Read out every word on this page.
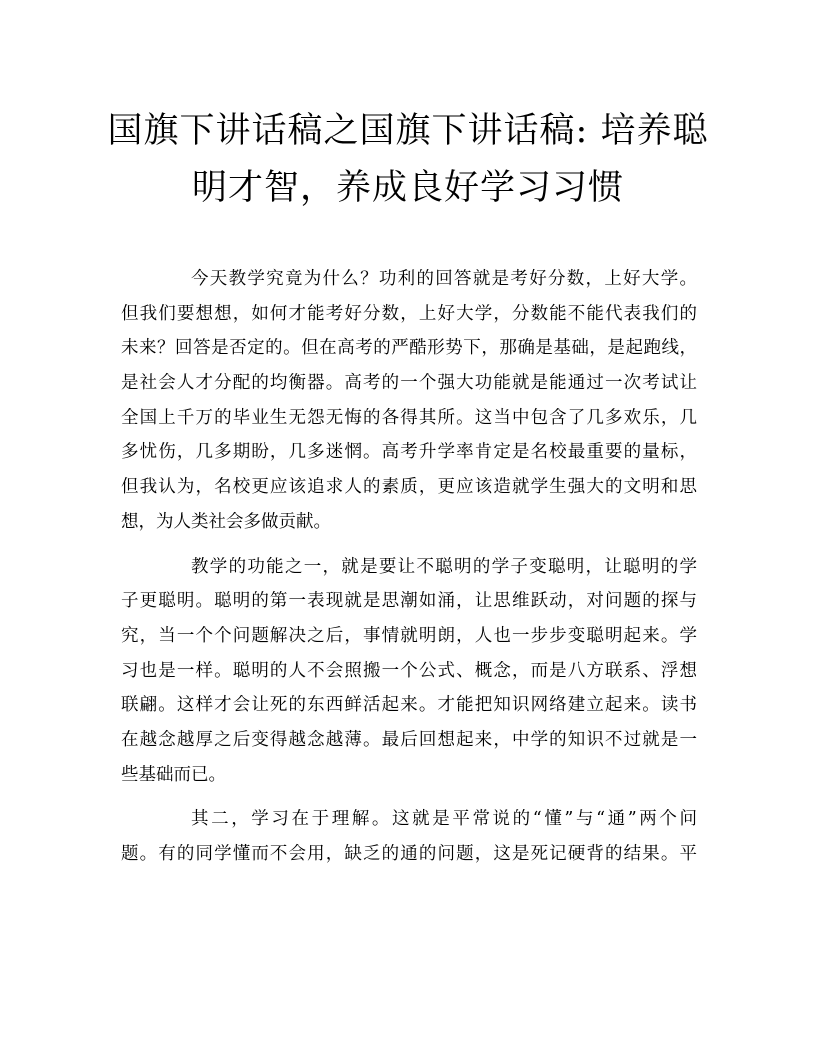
国旗下讲话稿之国旗下讲话稿: 培养聪
明才智，养成良好学习习惯
今天教学究竟为什么？功利的回答就是考好分数，上好大学。
但我们要想想，如何才能考好分数，上好大学，分数能不能代表我们的
未来？回答是否定的。但在高考的严酷形势下，那确是基础，是起跑线，
是社会人才分配的均衡器。高考的一个强大功能就是能通过一次考试让
全国上千万的毕业生无怨无悔的各得其所。这当中包含了几多欢乐，几
多忧伤，几多期盼，几多迷惘。高考升学率肯定是名校最重要的量标，
但我认为，名校更应该追求人的素质，更应该造就学生强大的文明和思
想，为人类社会多做贡献。
教学的功能之一，就是要让不聪明的学子变聪明，让聪明的学
子更聪明。聪明的第一表现就是思潮如涌，让思维跃动，对问题的探与
究，当一个个问题解决之后，事情就明朗，人也一步步变聪明起来。学
习也是一样。聪明的人不会照搬一个公式、概念，而是八方联系、浮想
联翩。这样才会让死的东西鲜活起来。才能把知识网络建立起来。读书
在越念越厚之后变得越念越薄。最后回想起来，中学的知识不过就是一
些基础而已。
其二，学习在于理解。这就是平常说的“懂”与“通”两个问
题。有的同学懂而不会用，缺乏的通的问题，这是死记硬背的结果。平
